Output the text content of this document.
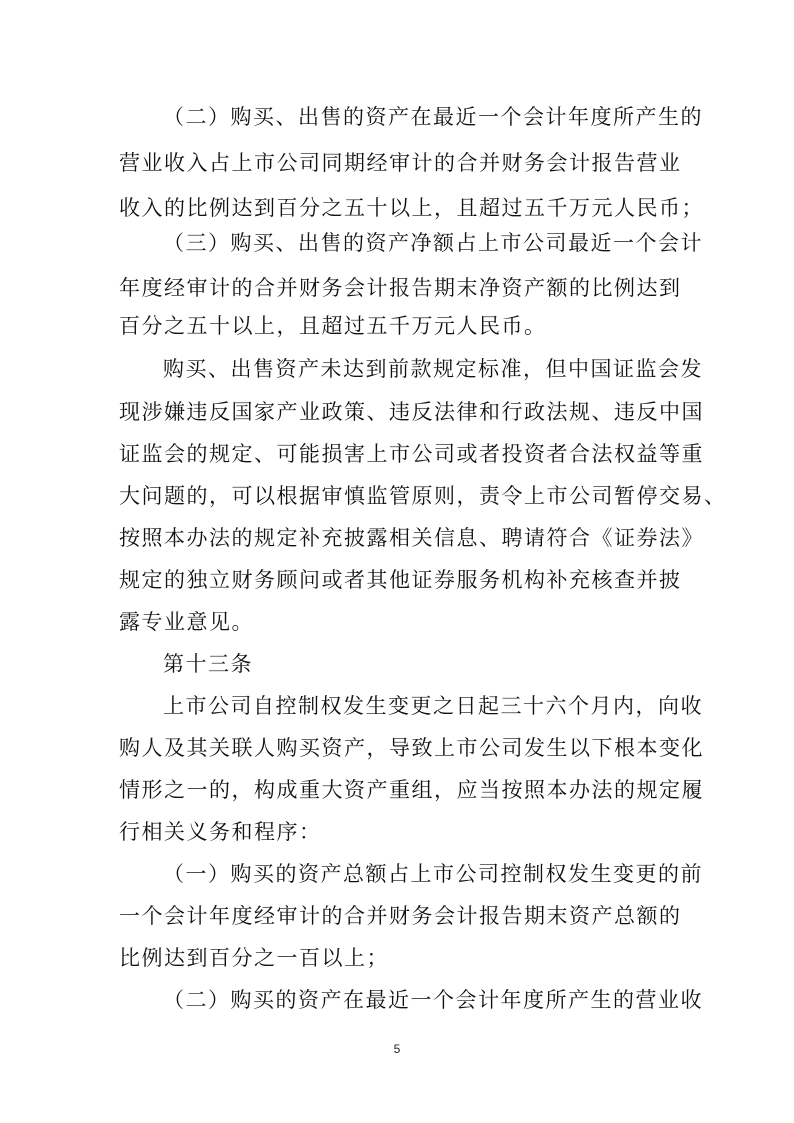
（二）购买、出售的资产在最近一个会计年度所产生的
营业收入占上市公司同期经审计的合并财务会计报告营业
收入的比例达到百分之五十以上，且超过五千万元人民币；
（三）购买、出售的资产净额占上市公司最近一个会计
年度经审计的合并财务会计报告期末净资产额的比例达到
百分之五十以上，且超过五千万元人民币。
购买、出售资产未达到前款规定标准，但中国证监会发
现涉嫌违反国家产业政策、违反法律和行政法规、违反中国
证监会的规定、可能损害上市公司或者投资者合法权益等重
大问题的，可以根据审慎监管原则，责令上市公司暂停交易、
按照本办法的规定补充披露相关信息、聘请符合《证券法》
规定的独立财务顾问或者其他证券服务机构补充核查并披
露专业意见。
第十三条
上市公司自控制权发生变更之日起三十六个月内，向收
购人及其关联人购买资产，导致上市公司发生以下根本变化
情形之一的，构成重大资产重组，应当按照本办法的规定履
行相关义务和程序：
（一）购买的资产总额占上市公司控制权发生变更的前
一个会计年度经审计的合并财务会计报告期末资产总额的
比例达到百分之一百以上；
（二）购买的资产在最近一个会计年度所产生的营业收
5
